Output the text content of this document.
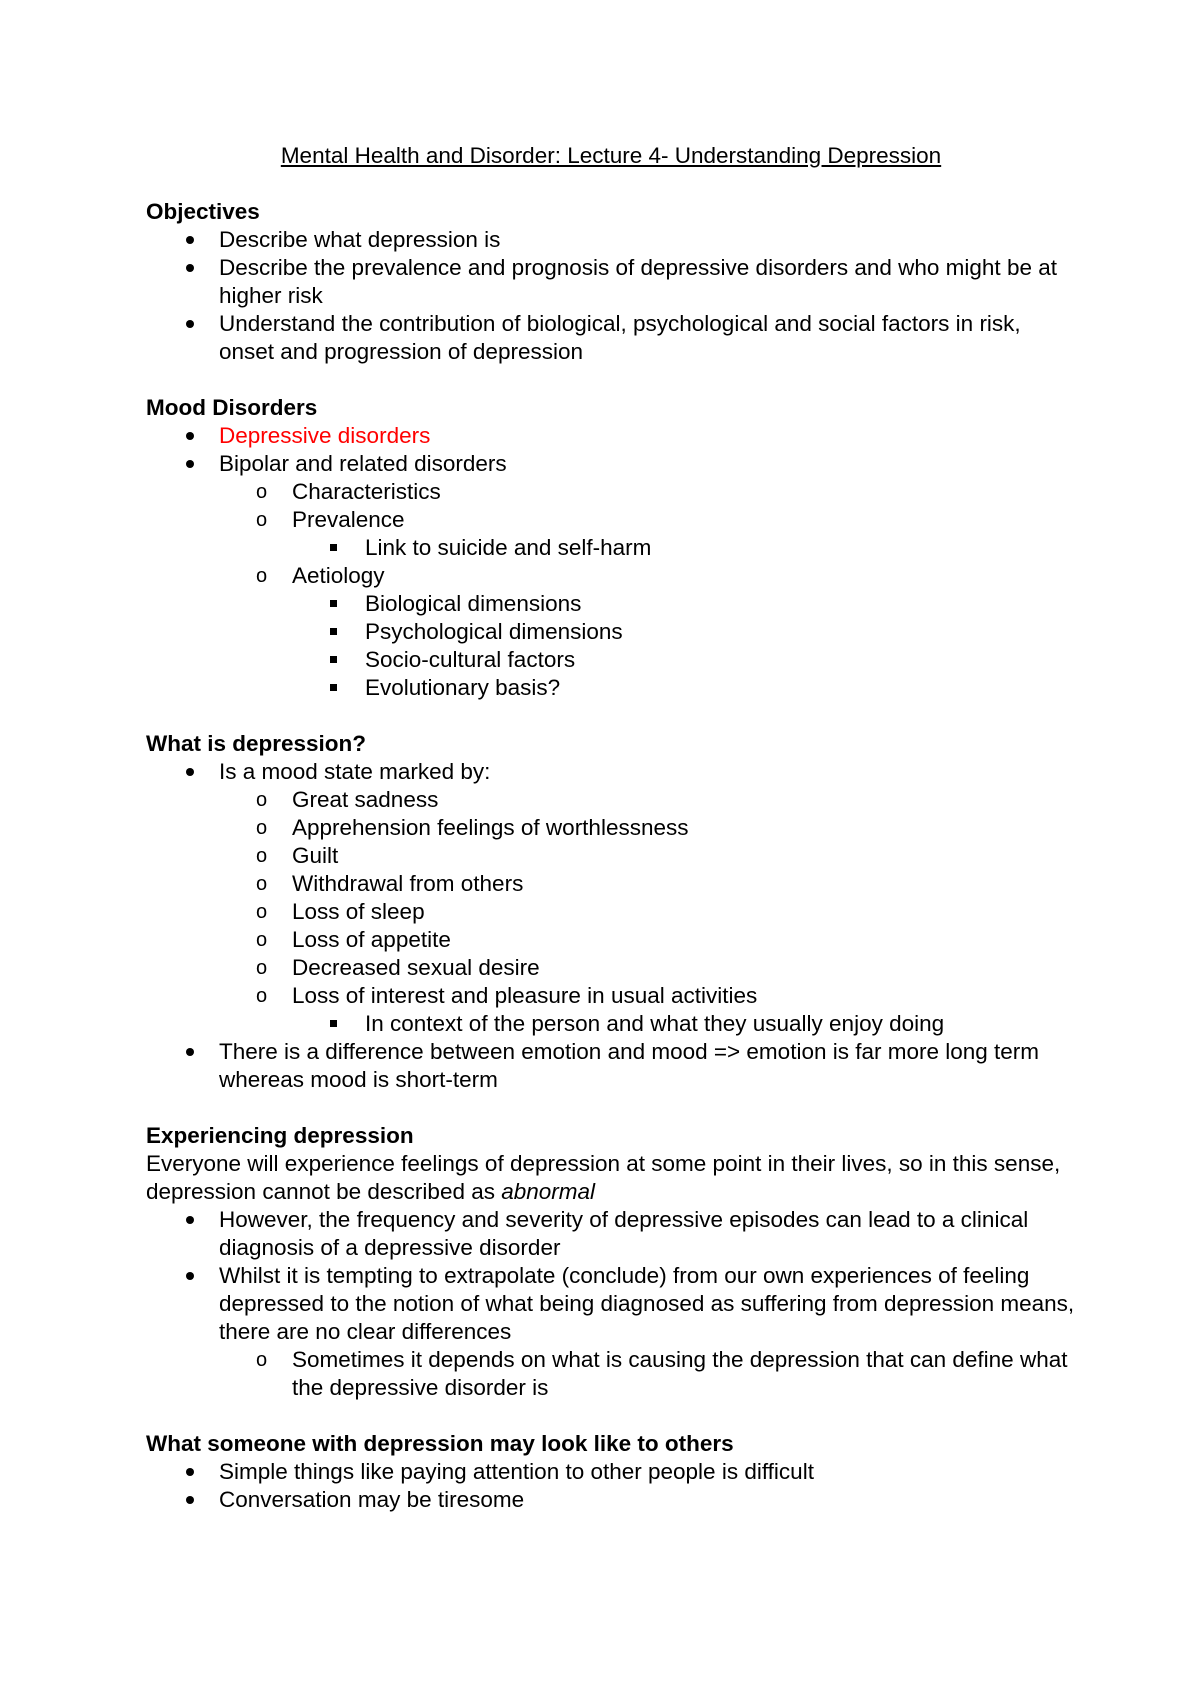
Mental Health and Disorder: Lecture 4- Understanding Depression

Objectives

Describe what depression is
Describe the prevalence and prognosis of depressive disorders and who might be at higher risk
Understand the contribution of biological, psychological and social factors in risk, onset and progression of depression

Mood Disorders

Depressive disorders
Bipolar and related disorders
o Characteristics
o Prevalence
Link to suicide and self-harm
o Aetiology
Biological dimensions
Psychological dimensions
Socio-cultural factors
Evolutionary basis?

What is depression?

Is a mood state marked by:
o Great sadness
o Apprehension feelings of worthlessness
o Guilt
o Withdrawal from others
o Loss of sleep
o Loss of appetite
o Decreased sexual desire
o Loss of interest and pleasure in usual activities
In context of the person and what they usually enjoy doing
There is a difference between emotion and mood => emotion is far more long term whereas mood is short-term

Experiencing depression

Everyone will experience feelings of depression at some point in their lives, so in this sense, depression cannot be described as abnormal

However, the frequency and severity of depressive episodes can lead to a clinical diagnosis of a depressive disorder
Whilst it is tempting to extrapolate (conclude) from our own experiences of feeling depressed to the notion of what being diagnosed as suffering from depression means, there are no clear differences
o Sometimes it depends on what is causing the depression that can define what the depressive disorder is

What someone with depression may look like to others

Simple things like paying attention to other people is difficult
Conversation may be tiresome
